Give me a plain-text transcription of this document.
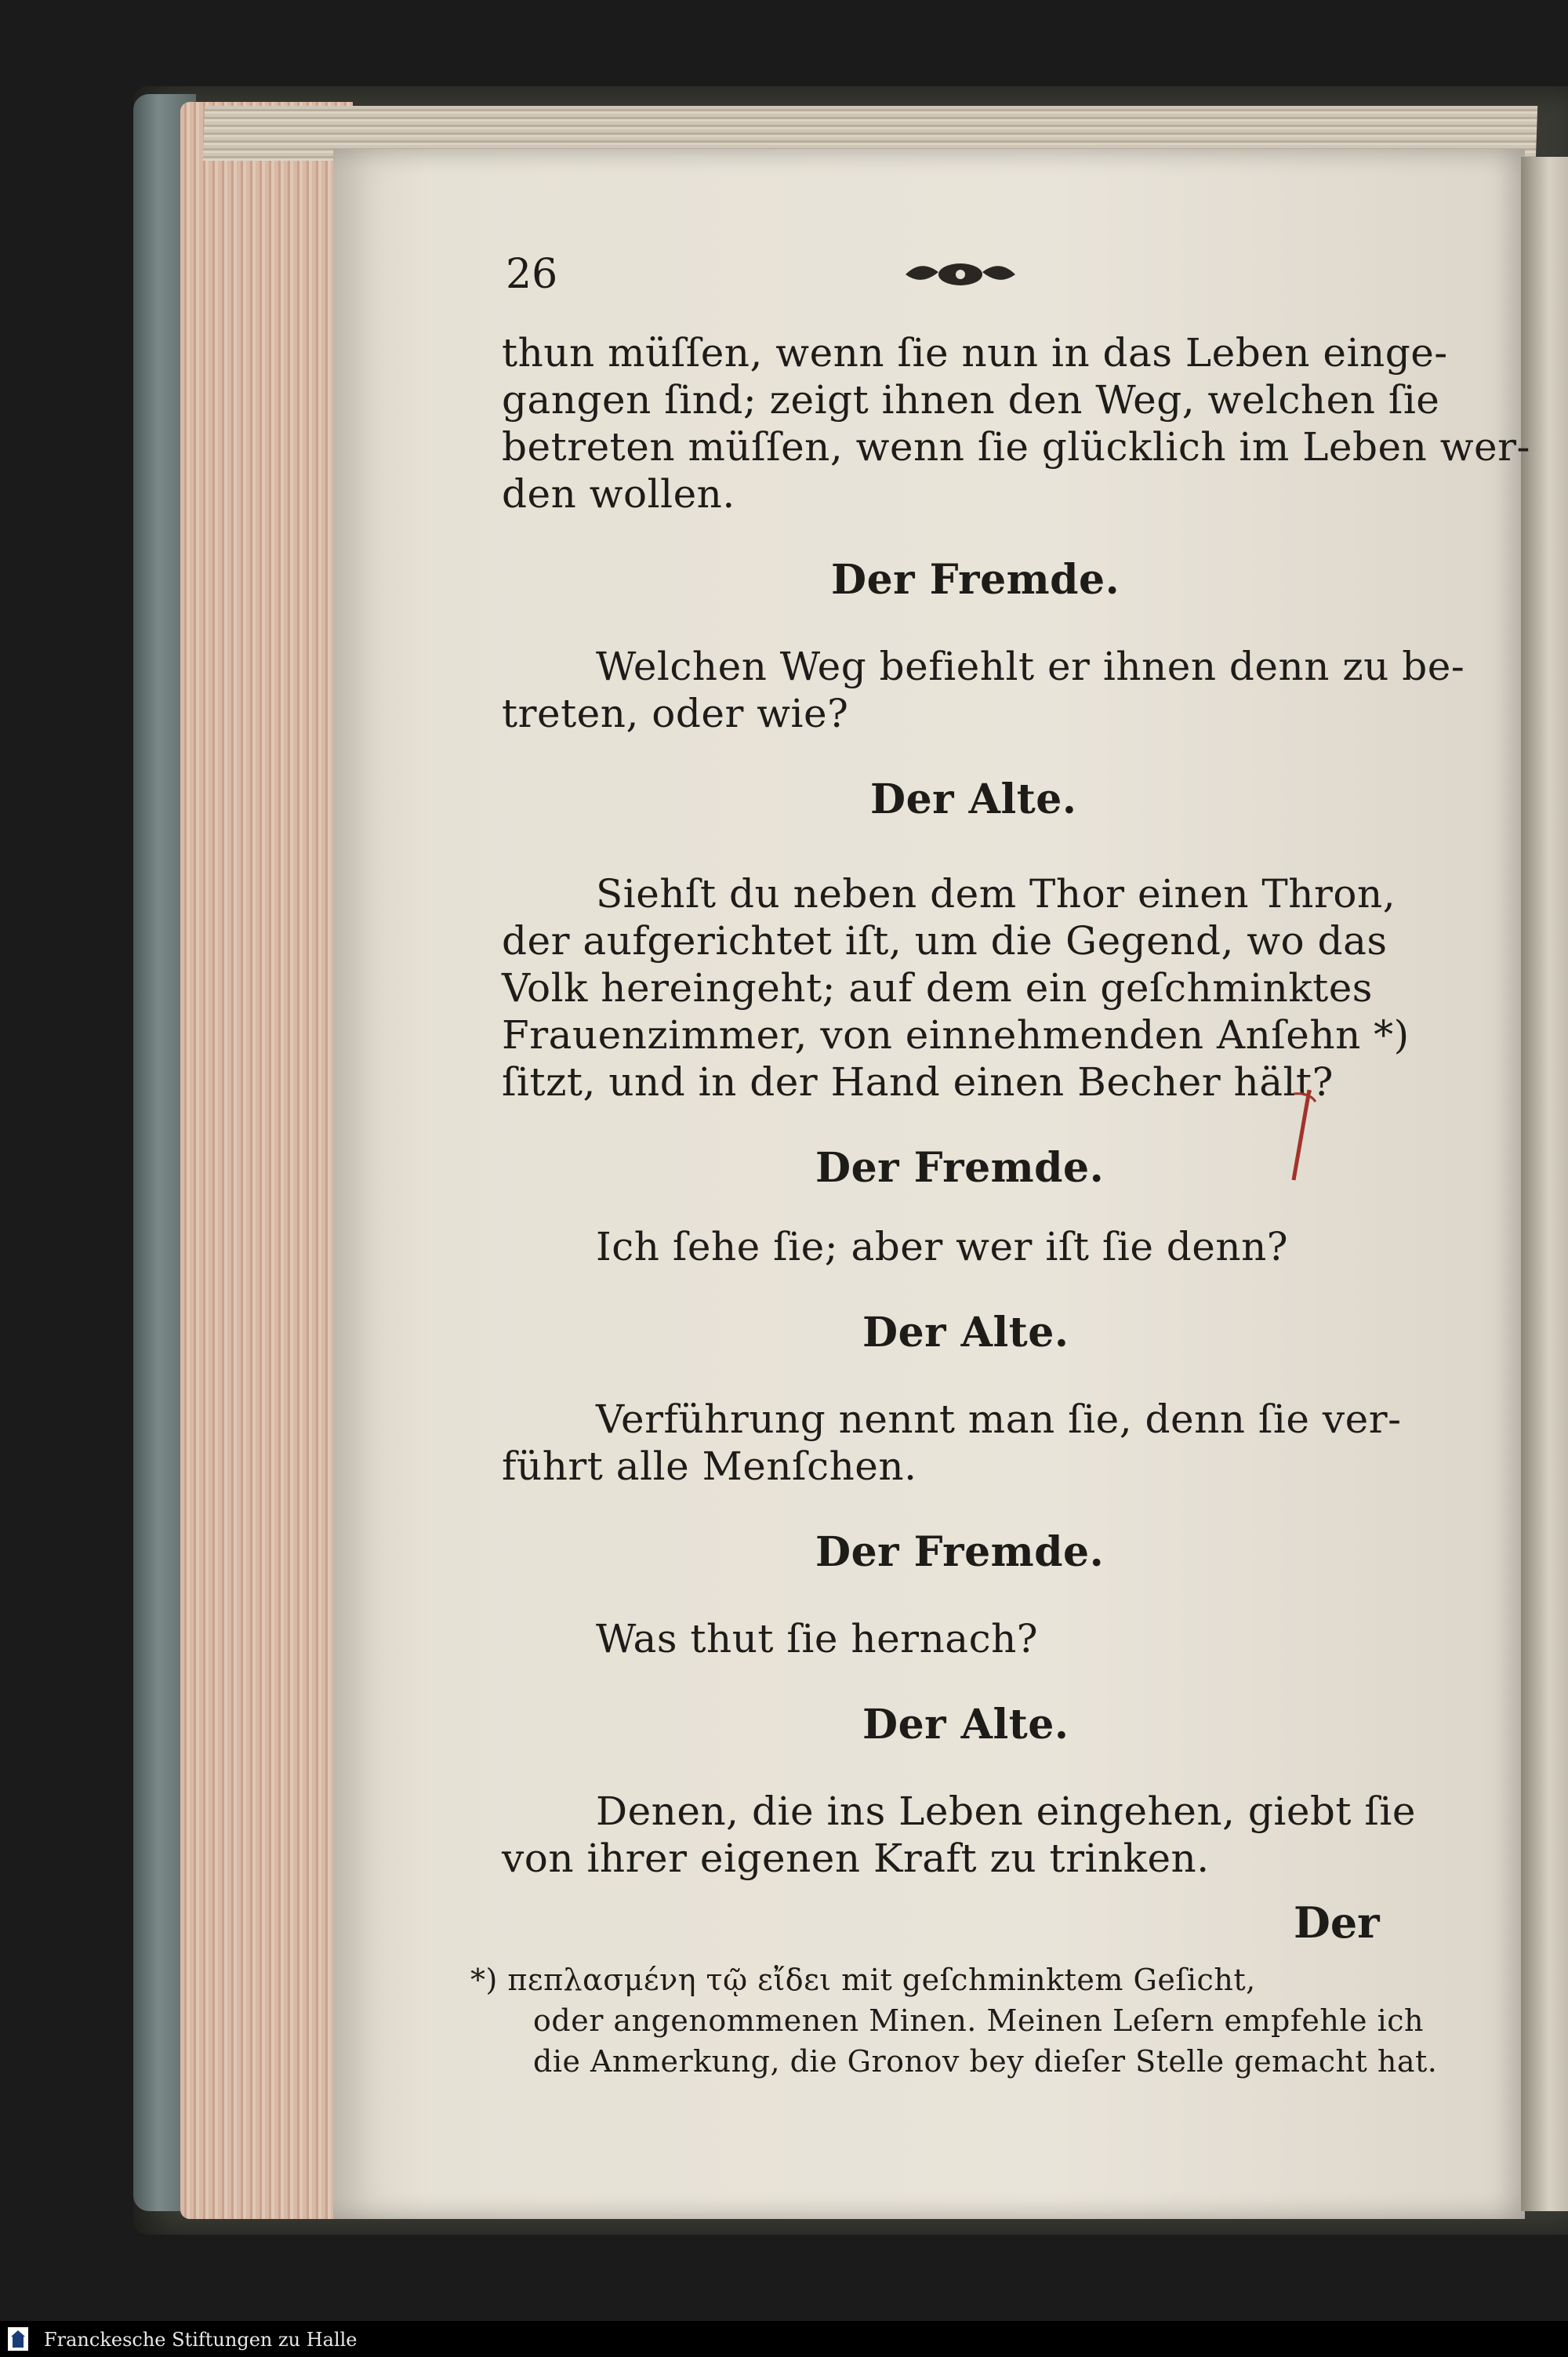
26
thun müſſen, wenn ſie nun in das Leben einge-
gangen ſind; zeigt ihnen den Weg, welchen ſie
betreten müſſen, wenn ſie glücklich im Leben wer-
den wollen.
Der Fremde.
Welchen Weg befiehlt er ihnen denn zu be-
treten, oder wie?
Der Alte.
Siehſt du neben dem Thor einen Thron,
der aufgerichtet iſt, um die Gegend, wo das
Volk hereingeht; auf dem ein geſchminktes
Frauenzimmer, von einnehmenden Anſehn *)
ſitzt, und in der Hand einen Becher hält?
Der Fremde.
Ich ſehe ſie; aber wer iſt ſie denn?
Der Alte.
Verführung nennt man ſie, denn ſie ver-
führt alle Menſchen.
Der Fremde.
Was thut ſie hernach?
Der Alte.
Denen, die ins Leben eingehen, giebt ſie
von ihrer eigenen Kraft zu trinken.
Der
*) πεπλασμένη τῷ εἴδει mit geſchminktem Geſicht,
oder angenommenen Minen. Meinen Leſern empfehle ich
die Anmerkung, die Gronov bey dieſer Stelle gemacht hat.
Franckesche Stiftungen zu Halle
